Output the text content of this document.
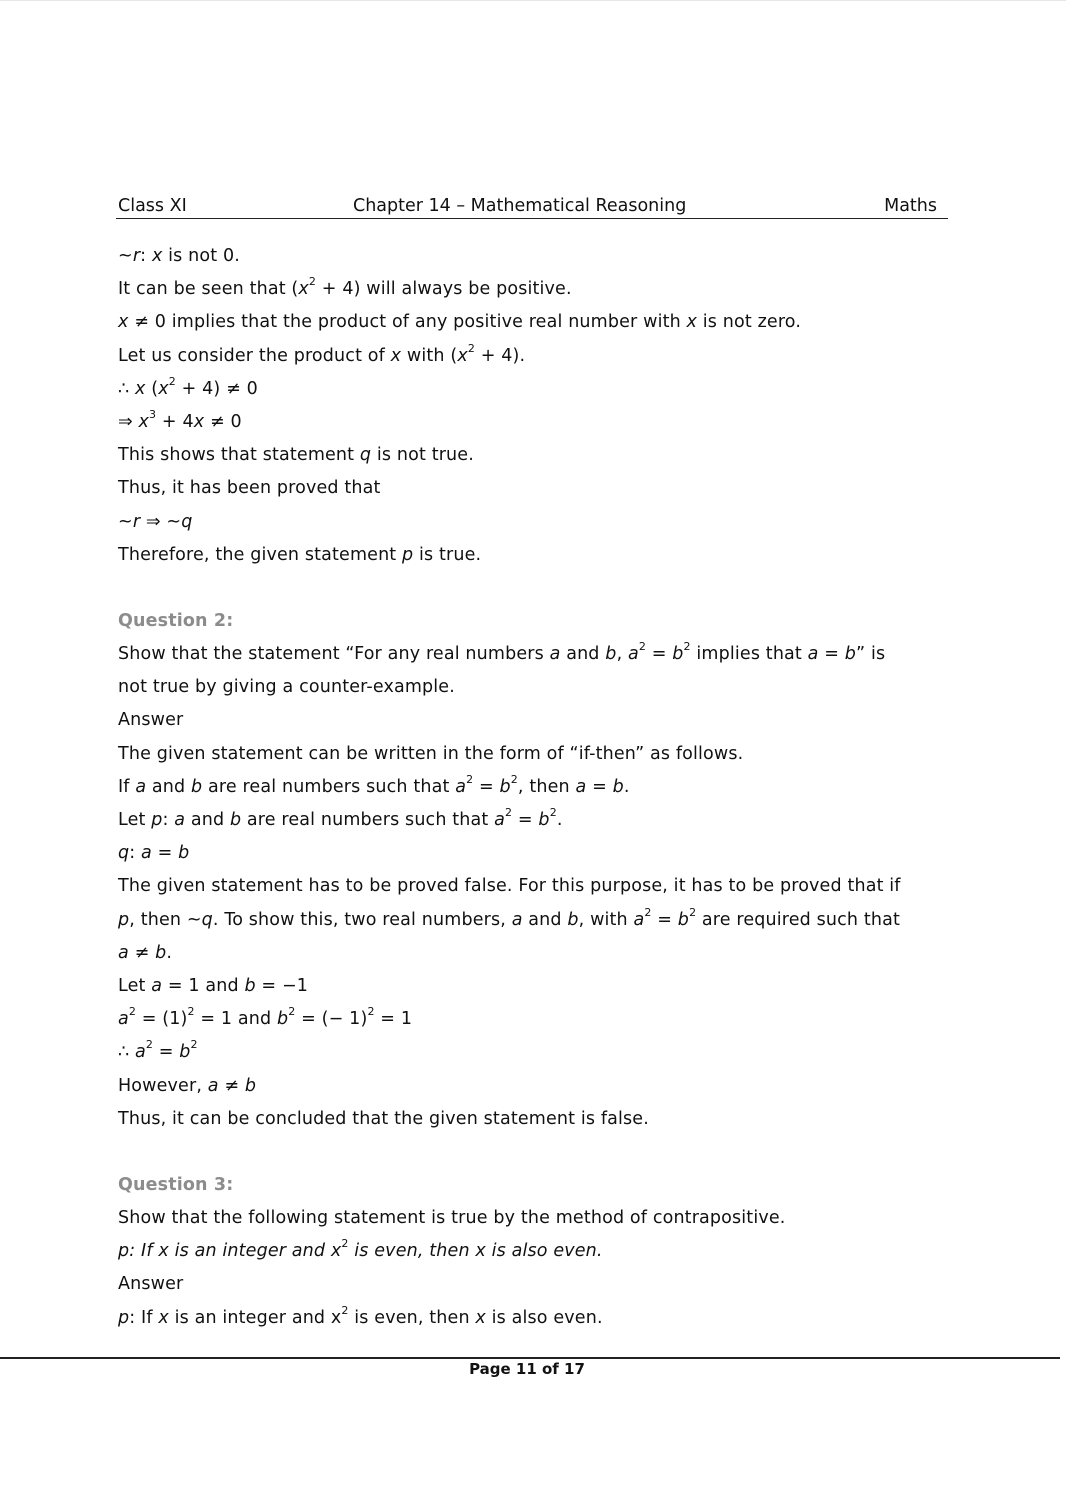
Class XI	Chapter 14 – Mathematical Reasoning	Maths
~r: x is not 0.
It can be seen that $(x^2 + 4)$ will always be positive.
x ≠ 0 implies that the product of any positive real number with x is not zero.
Let us consider the product of x with $(x^2 + 4)$.
∴ x $(x^2 + 4) \ne 0$
⇒ $x^3 + 4x \ne 0$
This shows that statement q is not true.
Thus, it has been proved that
~r ⇒ ~q
Therefore, the given statement p is true.
Question 2:
Show that the statement “For any real numbers a and b, $a^2 = b^2$ implies that a = b” is
not true by giving a counter-example.
Answer
The given statement can be written in the form of “if-then” as follows.
If a and b are real numbers such that $a^2 = b^2$, then a = b.
Let p: a and b are real numbers such that $a^2 = b^2$.
q: a = b
The given statement has to be proved false. For this purpose, it has to be proved that if
p, then ~q. To show this, two real numbers, a and b, with $a^2 = b^2$ are required such that
a ≠ b.
Let a = 1 and b = −1
$a^2 = (1)^2 = 1$ and $b^2$ = (− 1)$^2$ = 1
∴ $a^2 = b^2$
However, a ≠ b
Thus, it can be concluded that the given statement is false.
Question 3:
Show that the following statement is true by the method of contrapositive.
p: If x is an integer and $x^2$ is even, then x is also even.
Answer
p: If x is an integer and $x^2$ is even, then x is also even.
Page 11 of 17
